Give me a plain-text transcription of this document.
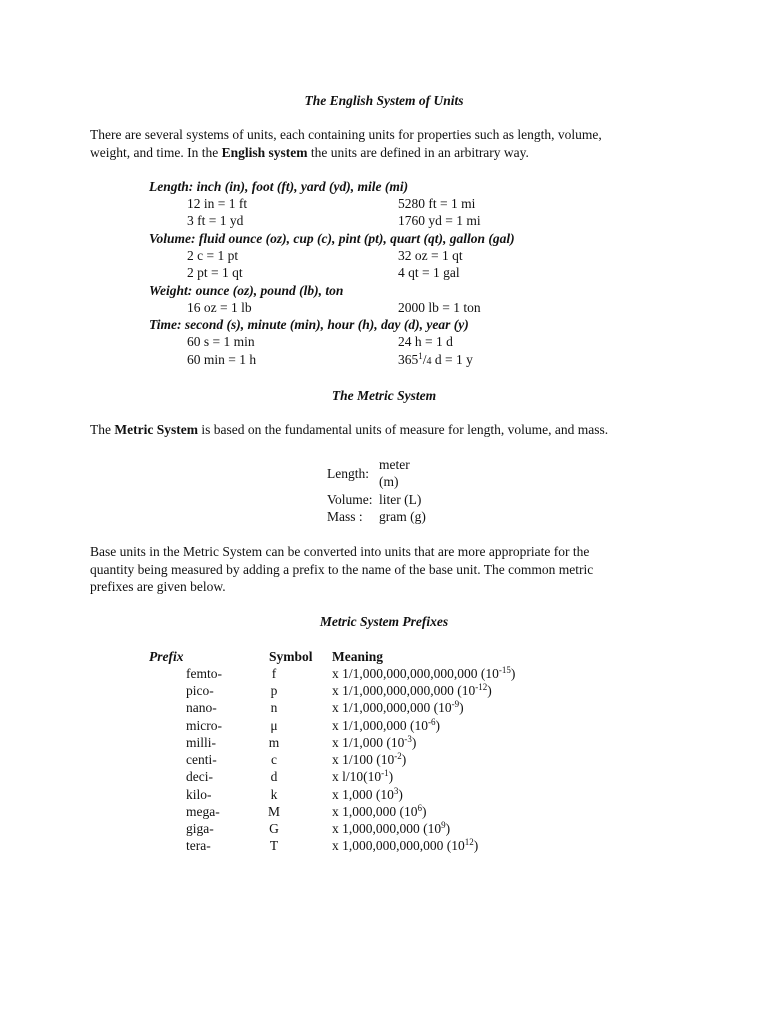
The English System of Units
There are several systems of units, each containing units for properties such as length, volume,
weight, and time. In the English system the units are defined in an arbitrary way.
Length: inch (in), foot (ft), yard (yd), mile (mi)
12 in = 1 ft	5280 ft = 1 mi
3 ft = 1 yd	1760 yd = 1 mi
Volume: fluid ounce (oz), cup (c), pint (pt), quart (qt), gallon (gal)
2 c = 1 pt	32 oz = 1 qt
2 pt = 1 qt	4 qt = 1 gal
Weight: ounce (oz), pound (lb), ton
16 oz = 1 lb	2000 lb = 1 ton
Time: second (s), minute (min), hour (h), day (d), year (y)
60 s = 1 min	24 h = 1 d
60 min = 1 h	$365^1/4$ d = 1 y
The Metric System
The Metric System is based on the fundamental units of measure for length, volume, and mass.
Length:
meter
(m)
Volume: liter (L)
Mass : gram (g)
Base units in the Metric System can be converted into units that are more appropriate for the
quantity being measured by adding a prefix to the name of the base unit. The common metric
prefixes are given below.
Metric System Prefixes
Prefix	Symbol Meaning
femto-	f	x 1/1,000,000,000,000,000 $(10^{-15})$
pico-	p	x 1/1,000,000,000,000 $(10^{-12})$
nano-	n	x 1/1,000,000,000 $(10^{-9})$
micro-	μ	x 1/1,000,000 $(10^{-6})$
milli-	m	x 1/1,000 $(10^{-3})$
centi-	c	x 1/100 $(10^{-2})$
deci-	d	x $l/10(10^{-1})$
kilo-	k	x 1,000 $(10^3)$
mega-	M	x 1,000,000 $(10^6)$
giga-	G	x 1,000,000,000 $(10^9)$
tera-	T	x 1,000,000,000,000 $(10^{12})$
